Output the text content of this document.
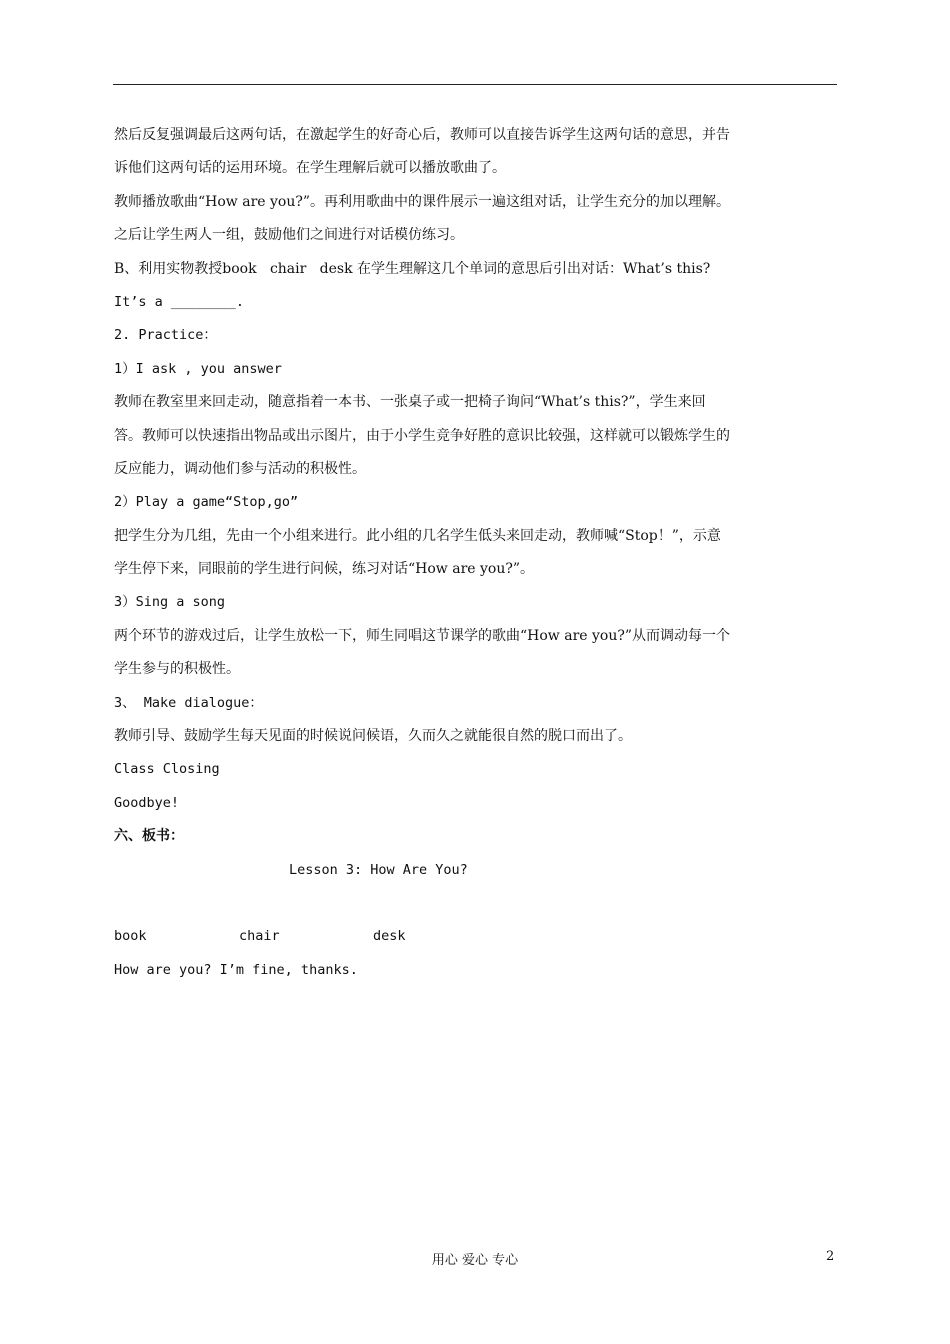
然后反复强调最后这两句话，在激起学生的好奇心后，教师可以直接告诉学生这两句话的意思，并告
诉他们这两句话的运用环境。在学生理解后就可以播放歌曲了。
教师播放歌曲“How are you?”。再利用歌曲中的课件展示一遍这组对话，让学生充分的加以理解。
之后让学生两人一组，鼓励他们之间进行对话模仿练习。
B、利用实物教授book   chair   desk 在学生理解这几个单词的意思后引出对话：What’s this?
It’s a ________.
2. Practice：
1）I ask , you answer
教师在教室里来回走动，随意指着一本书、一张桌子或一把椅子询问“What’s this?”，学生来回
答。教师可以快速指出物品或出示图片，由于小学生竞争好胜的意识比较强，这样就可以锻炼学生的
反应能力，调动他们参与活动的积极性。
2）Play a game“Stop,go”
把学生分为几组，先由一个小组来进行。此小组的几名学生低头来回走动，教师喊“Stop！”，示意
学生停下来，同眼前的学生进行问候，练习对话“How are you?”。
3）Sing a song
两个环节的游戏过后，让学生放松一下，师生同唱这节课学的歌曲“How are you?”从而调动每一个
学生参与的积极性。
3、 Make dialogue：
教师引导、鼓励学生每天见面的时候说问候语，久而久之就能很自然的脱口而出了。
Class Closing
Goodbye!
六、板书：
Lesson 3: How Are You?
book	chair	desk
How are you? I’m fine, thanks.
用心 爱心 专心	2
